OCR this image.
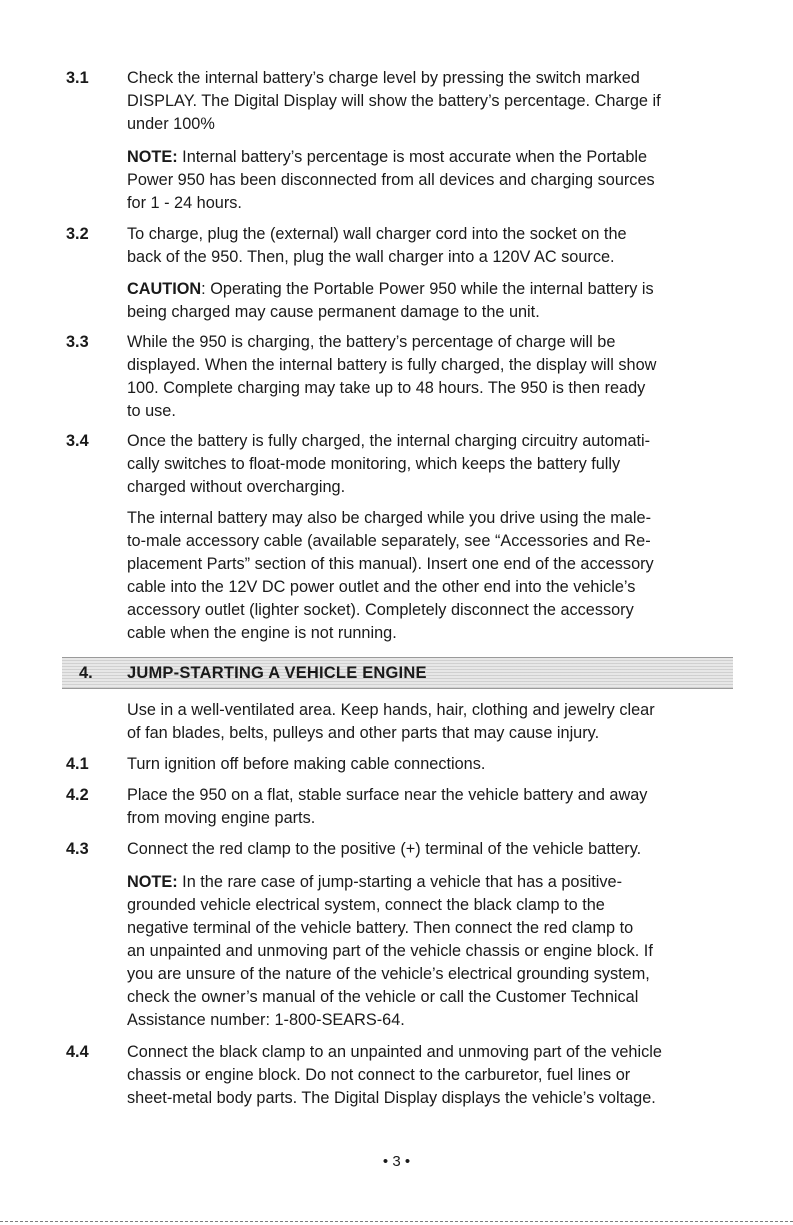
3.1 Check the internal battery’s charge level by pressing the switch marked
DISPLAY. The Digital Display will show the battery’s percentage. Charge if
under 100%
NOTE: Internal battery’s percentage is most accurate when the Portable
Power 950 has been disconnected from all devices and charging sources
for 1 - 24 hours.
3.2 To charge, plug the (external) wall charger cord into the socket on the
back of the 950. Then, plug the wall charger into a 120V AC source.
CAUTION: Operating the Portable Power 950 while the internal battery is
being charged may cause permanent damage to the unit.
3.3 While the 950 is charging, the battery’s percentage of charge will be
displayed. When the internal battery is fully charged, the display will show
100. Complete charging may take up to 48 hours. The 950 is then ready
to use.
3.4 Once the battery is fully charged, the internal charging circuitry automati-
cally switches to float-mode monitoring, which keeps the battery fully
charged without overcharging.
The internal battery may also be charged while you drive using the male-
to-male accessory cable (available separately, see “Accessories and Re-
placement Parts” section of this manual). Insert one end of the accessory
cable into the 12V DC power outlet and the other end into the vehicle’s
accessory outlet (lighter socket). Completely disconnect the accessory
cable when the engine is not running.
4. JUMP-STARTING A VEHICLE ENGINE
Use in a well-ventilated area. Keep hands, hair, clothing and jewelry clear
of fan blades, belts, pulleys and other parts that may cause injury.
4.1 Turn ignition off before making cable connections.
4.2 Place the 950 on a flat, stable surface near the vehicle battery and away
from moving engine parts.
4.3 Connect the red clamp to the positive (+) terminal of the vehicle battery.
NOTE: In the rare case of jump-starting a vehicle that has a positive-
grounded vehicle electrical system, connect the black clamp to the
negative terminal of the vehicle battery. Then connect the red clamp to
an unpainted and unmoving part of the vehicle chassis or engine block. If
you are unsure of the nature of the vehicle’s electrical grounding system,
check the owner’s manual of the vehicle or call the Customer Technical
Assistance number: 1-800-SEARS-64.
4.4 Connect the black clamp to an unpainted and unmoving part of the vehicle
chassis or engine block. Do not connect to the carburetor, fuel lines or
sheet-metal body parts. The Digital Display displays the vehicle’s voltage.
• 3 •
